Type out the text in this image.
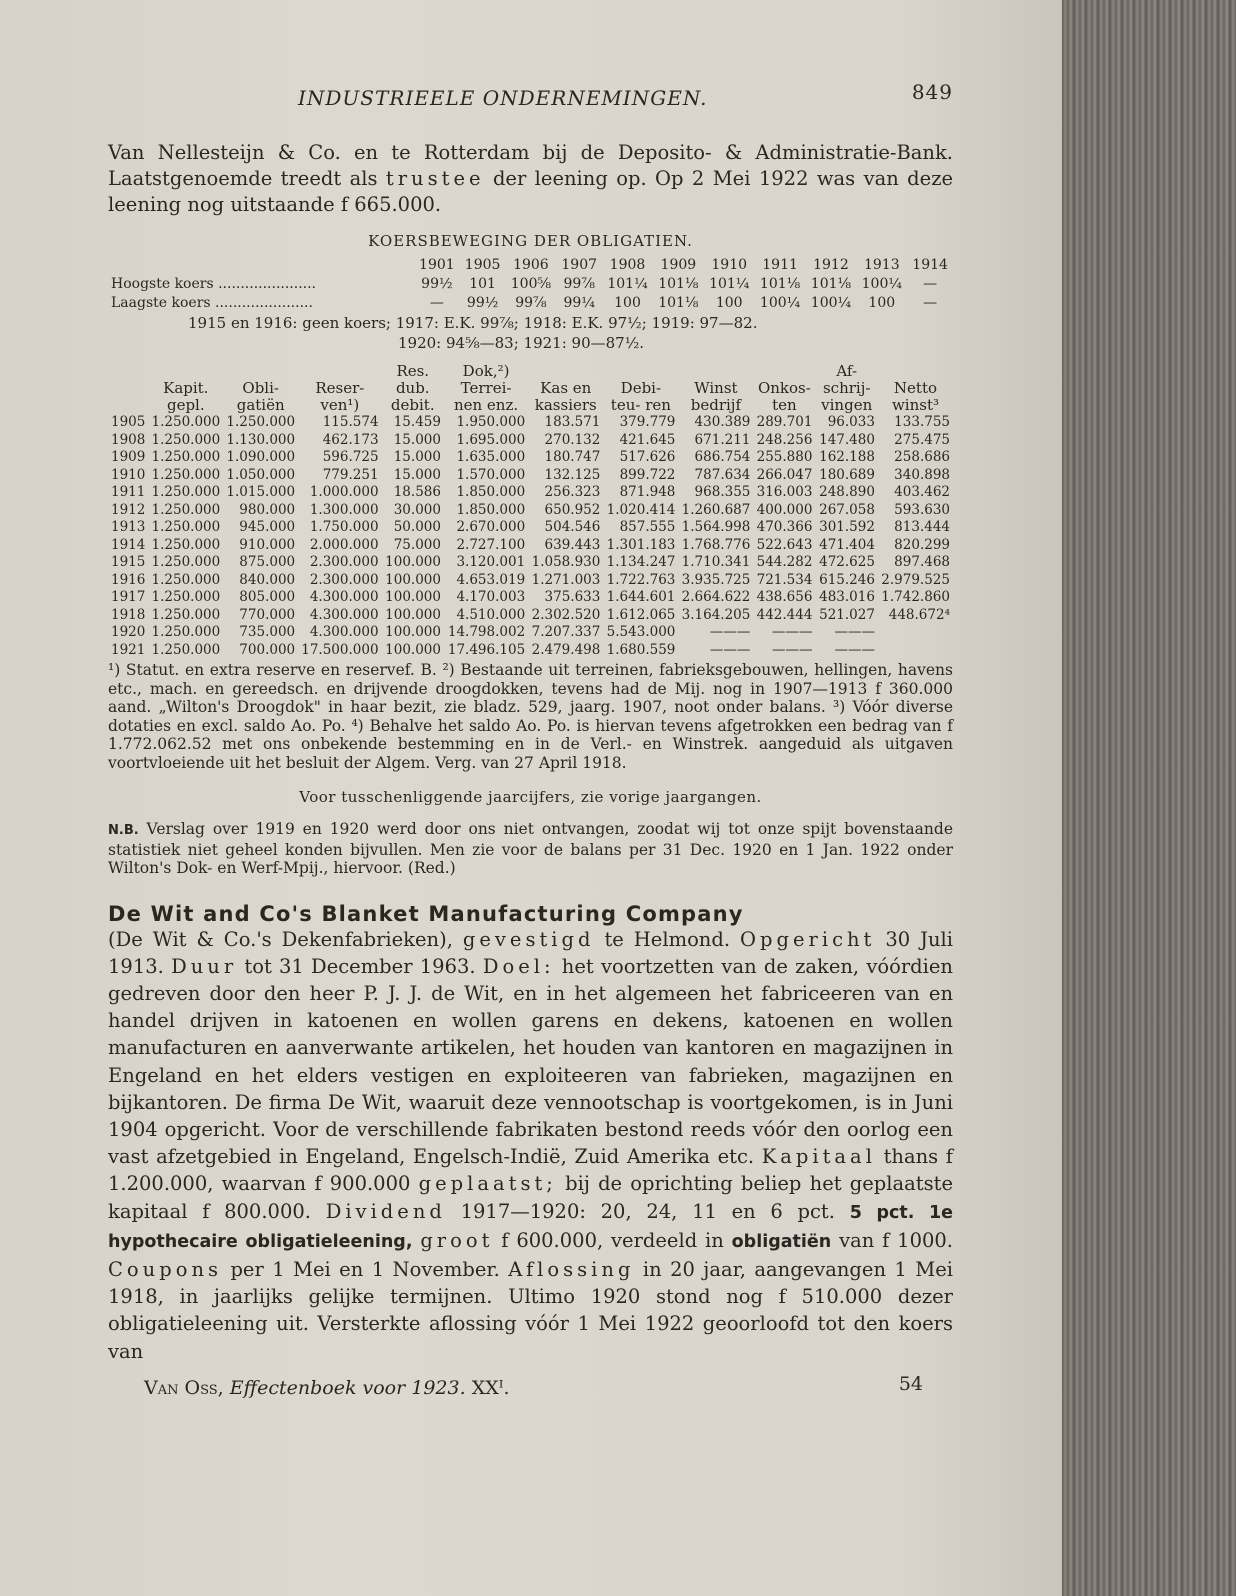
INDUSTRIEELE ONDERNEMINGEN.	849

Van Nellesteijn & Co. en te Rotterdam bij de Deposito- & Administratie-Bank. Laatstgenoemde treedt als trustee der leening op. Op 2 Mei 1922 was van deze leening nog uitstaande f 665.000.

KOERSBEWEGING DER OBLIGATIEN.
	1901	1905	1906	1907	1908	1909	1910	1911	1912	1913	1914
Hoogste koers ......................	99½	101	100⅝	99⅞	101¼	101⅛	101¼	101⅛	101⅛	100¼	—
Laagste koers ......................	—	99½	99⅞	99¼	100	101⅛	100	100¼	100¼	100	—
1915 en 1916: geen koers; 1917: E.K. 99⅞; 1918: E.K. 97½; 1919: 97—82.
1920: 94⅝—83; 1921: 90—87½.
	Kapit. gepl.	Obli- gatiën	Reser- ven¹)	Res. dub. debit.	Dok,²) Terrei- nen enz.	Kas en kassiers	Debi- teu- ren	Winst bedrijf	Onkos- ten	Af- schrij- vingen	Netto winst³
1905	1.250.000	1.250.000	115.574	15.459	1.950.000	183.571	379.779	430.389	289.701	96.033	133.755
1908	1.250.000	1.130.000	462.173	15.000	1.695.000	270.132	421.645	671.211	248.256	147.480	275.475
1909	1.250.000	1.090.000	596.725	15.000	1.635.000	180.747	517.626	686.754	255.880	162.188	258.686
1910	1.250.000	1.050.000	779.251	15.000	1.570.000	132.125	899.722	787.634	266.047	180.689	340.898
1911	1.250.000	1.015.000	1.000.000	18.586	1.850.000	256.323	871.948	968.355	316.003	248.890	403.462
1912	1.250.000	980.000	1.300.000	30.000	1.850.000	650.952	1.020.414	1.260.687	400.000	267.058	593.630
1913	1.250.000	945.000	1.750.000	50.000	2.670.000	504.546	857.555	1.564.998	470.366	301.592	813.444
1914	1.250.000	910.000	2.000.000	75.000	2.727.100	639.443	1.301.183	1.768.776	522.643	471.404	820.299
1915	1.250.000	875.000	2.300.000	100.000	3.120.001	1.058.930	1.134.247	1.710.341	544.282	472.625	897.468
1916	1.250.000	840.000	2.300.000	100.000	4.653.019	1.271.003	1.722.763	3.935.725	721.534	615.246	2.979.525
1917	1.250.000	805.000	4.300.000	100.000	4.170.003	375.633	1.644.601	2.664.622	438.656	483.016	1.742.860
1918	1.250.000	770.000	4.300.000	100.000	4.510.000	2.302.520	1.612.065	3.164.205	442.444	521.027	448.672⁴
1920	1.250.000	735.000	4.300.000	100.000	14.798.002	7.207.337	5.543.000	———	———	———	
1921	1.250.000	700.000	17.500.000	100.000	17.496.105	2.479.498	1.680.559	———	———	———	

¹) Statut. en extra reserve en reservef. B. ²) Bestaande uit terreinen, fabrieksgebouwen, hellingen, havens etc., mach. en gereedsch. en drijvende droogdokken, tevens had de Mij. nog in 1907—1913 f 360.000 aand. „Wilton's Droogdok" in haar bezit, zie bladz. 529, jaarg. 1907, noot onder balans. ³) Vóór diverse dotaties en excl. saldo Ao. Po. ⁴) Behalve het saldo Ao. Po. is hiervan tevens afgetrokken een bedrag van f 1.772.062.52 met ons onbekende bestemming en in de Verl.- en Winstrek. aangeduid als uitgaven voortvloeiende uit het besluit der Algem. Verg. van 27 April 1918.

Voor tusschenliggende jaarcijfers, zie vorige jaargangen.

N.B. Verslag over 1919 en 1920 werd door ons niet ontvangen, zoodat wij tot onze spijt bovenstaande statistiek niet geheel konden bijvullen. Men zie voor de balans per 31 Dec. 1920 en 1 Jan. 1922 onder Wilton's Dok- en Werf-Mpij., hiervoor. (Red.)

De Wit and Co's Blanket Manufacturing Company

(De Wit & Co.'s Dekenfabrieken), gevestigd te Helmond. Opgericht 30 Juli 1913. Duur tot 31 December 1963. Doel: het voortzetten van de zaken, vóórdien gedreven door den heer P. J. J. de Wit, en in het algemeen het fabriceeren van en handel drijven in katoenen en wollen garens en dekens, katoenen en wollen manufacturen en aanverwante artikelen, het houden van kantoren en magazijnen in Engeland en het elders vestigen en exploiteeren van fabrieken, magazijnen en bijkantoren. De firma De Wit, waaruit deze vennootschap is voortgekomen, is in Juni 1904 opgericht. Voor de verschillende fabrikaten bestond reeds vóór den oorlog een vast afzetgebied in Engeland, Engelsch-Indië, Zuid Amerika etc. Kapitaal thans f 1.200.000, waarvan f 900.000 geplaatst; bij de oprichting beliep het geplaatste kapitaal f 800.000. Dividend 1917—1920: 20, 24, 11 en 6 pct. 5 pct. 1e hypothecaire obligatieleening, groot f 600.000, verdeeld in obligatiën van f 1000. Coupons per 1 Mei en 1 November. Aflossing in 20 jaar, aangevangen 1 Mei 1918, in jaarlijks gelijke termijnen. Ultimo 1920 stond nog f 510.000 dezer obligatieleening uit. Versterkte aflossing vóór 1 Mei 1922 geoorloofd tot den koers van

Van Oss, Effectenboek voor 1923. XXᴵ.	54
